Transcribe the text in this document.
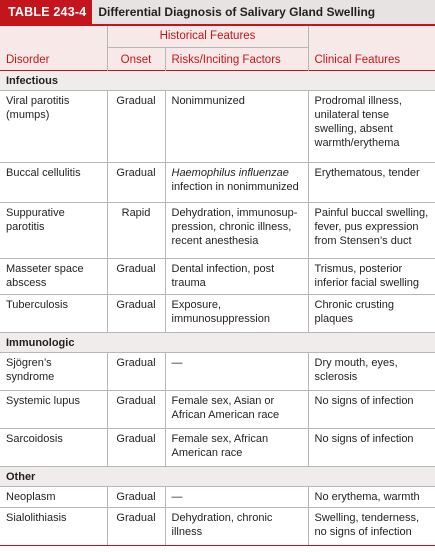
TABLE 243-4	Differential Diagnosis of Salivary Gland Swelling
	Historical Features		
Disorder	Onset	Risks/Inciting Factors	Clinical Features
Infectious			
Viral parotitis (mumps)	Gradual	Nonimmunized	Prodromal illness, unilateral tense swelling, absent warmth/erythema
Buccal cellulitis	Gradual	Haemophilus influenzae infection in nonimmunized	Erythematous, tender
Suppurative parotitis	Rapid	Dehydration, immunosup-pression, chronic illness, recent anesthesia	Painful buccal swelling, fever, pus expression from Stensen’s duct
Masseter space abscess	Gradual	Dental infection, post trauma	Trismus, posterior inferior facial swelling
Tuberculosis	Gradual	Exposure, immunosuppression	Chronic crusting plaques
Immunologic			
Sjögren’s syndrome	Gradual	—	Dry mouth, eyes, sclerosis
Systemic lupus	Gradual	Female sex, Asian or African American race	No signs of infection
Sarcoidosis	Gradual	Female sex, African American race	No signs of infection
Other			
Neoplasm	Gradual	—	No erythema, warmth
Sialolithiasis	Gradual	Dehydration, chronic illness	Swelling, tenderness, no signs of infection
